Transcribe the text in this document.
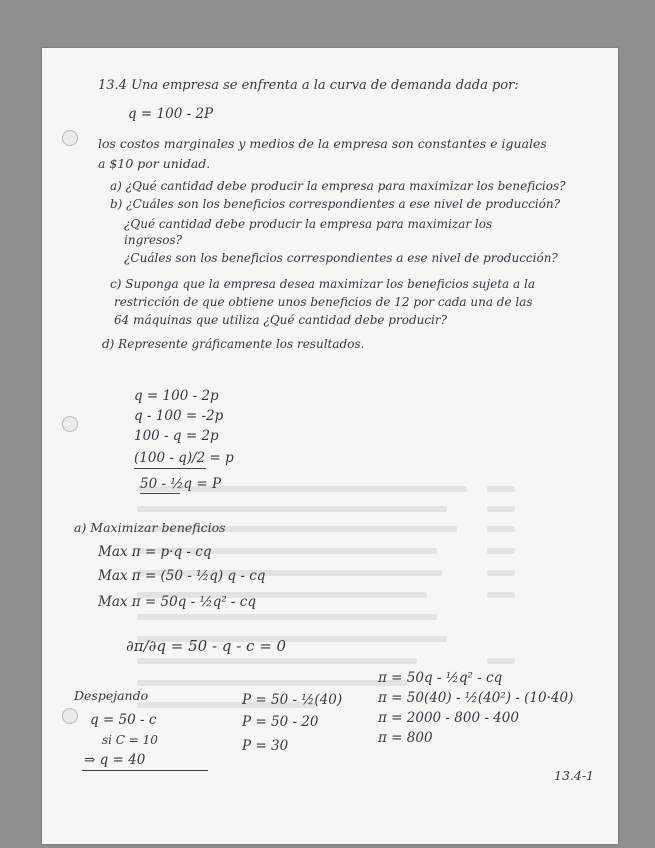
13.4 Una empresa se enfrenta a la curva de demanda dada por:

q = 100 - 2P

los costos marginales y medios de la empresa son constantes e iguales

a $10 por unidad.

a) ¿Qué cantidad debe producir la empresa para maximizar los beneficios?

b) ¿Cuáles son los beneficios correspondientes a ese nivel de producción?

¿Qué cantidad debe producir la empresa para maximizar los

ingresos?

¿Cuáles son los beneficios correspondientes a ese nivel de producción?

c) Suponga que la empresa desea maximizar los beneficios sujeta a la

restricción de que obtiene unos beneficios de 12 por cada una de las

64 máquinas que utiliza ¿Qué cantidad debe producir?

d) Represente gráficamente los resultados.

q = 100 - 2p

q - 100 = -2p

100 - q = 2p

(100 - q)/2 = p

50 - ½q = P

a) Maximizar beneficios

Max π = p·q - cq

Max π = (50 - ½q) q - cq

Max π = 50q - ½q² - cq

∂π/∂q = 50 - q - c = 0

Despejando

q = 50 - c

si C = 10

⇒ q = 40

P = 50 - ½(40)

P = 50 - 20

P = 30

π = 50q - ½q² - cq

π = 50(40) - ½(40²) - (10·40)

π = 2000 - 800 - 400

π = 800

13.4-1
